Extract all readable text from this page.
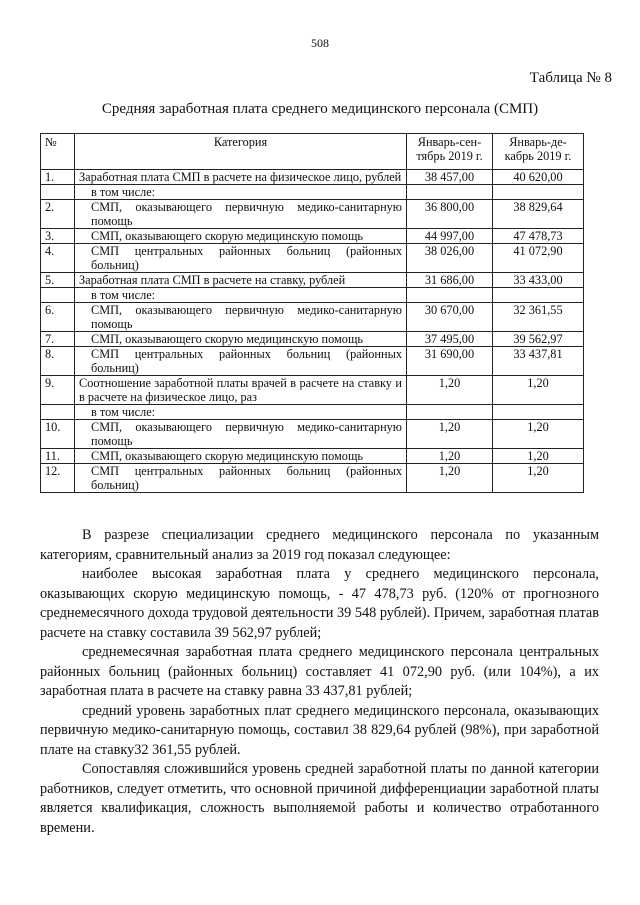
508
Таблица № 8
Средняя заработная плата среднего медицинского персонала (СМП)
№	Категория	Январь-сен-тябрь 2019 г.	Январь-де-кабрь 2019 г.
1.	Заработная плата СМП в расчете на физическое лицо, рублей	38 457,00	40 620,00
	в том числе:		
2.	СМП, оказывающего первичную медико-санитарную помощь	36 800,00	38 829,64
3.	СМП, оказывающего скорую медицинскую помощь	44 997,00	47 478,73
4.	СМП центральных районных больниц (районных больниц)	38 026,00	41 072,90
5.	Заработная плата СМП в расчете на ставку, рублей	31 686,00	33 433,00
	в том числе:		
6.	СМП, оказывающего первичную медико-санитарную помощь	30 670,00	32 361,55
7.	СМП, оказывающего скорую медицинскую помощь	37 495,00	39 562,97
8.	СМП центральных районных больниц (районных больниц)	31 690,00	33 437,81
9.	Соотношение заработной платы врачей в расчете на ставку и в расчете на физическое лицо, раз	1,20	1,20
	в том числе:		
10.	СМП, оказывающего первичную медико-санитарную помощь	1,20	1,20
11.	СМП, оказывающего скорую медицинскую помощь	1,20	1,20
12.	СМП центральных районных больниц (районных больниц)	1,20	1,20

В разрезе специализации среднего медицинского персонала по указанным категориям, сравнительный анализ за 2019 год показал следующее:

наиболее высокая заработная плата у среднего медицинского персонала, оказывающих скорую медицинскую помощь, - 47 478,73 руб. (120% от прогнозного среднемесячного дохода трудовой деятельности 39 548 рублей). Причем, заработная платав расчете на ставку составила 39 562,97 рублей;

среднемесячная заработная плата среднего медицинского персонала центральных районных больниц (районных больниц) составляет 41 072,90 руб. (или 104%), а их заработная плата в расчете на ставку равна 33 437,81 рублей;

средний уровень заработных плат среднего медицинского персонала, оказывающих первичную медико-санитарную помощь, составил 38 829,64 рублей (98%), при заработной плате на ставку32 361,55 рублей.

Сопоставляя сложившийся уровень средней заработной платы по данной категории работников, следует отметить, что основной причиной дифференциации заработной платы является квалификация, сложность выполняемой работы и количество отработанного времени.
